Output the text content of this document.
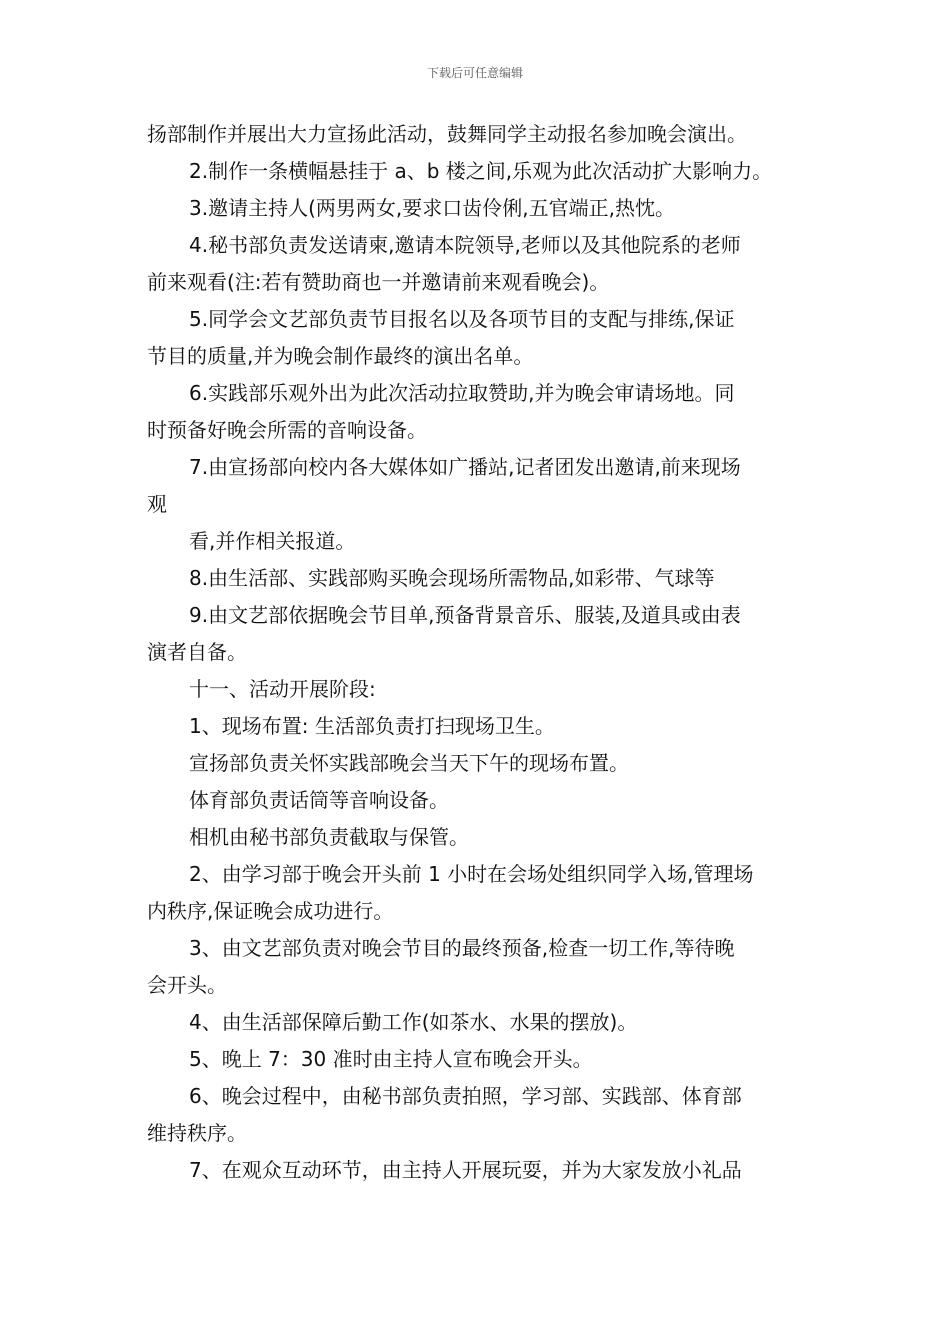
下载后可任意编辑
扬部制作并展出大力宣扬此活动，鼓舞同学主动报名参加晚会演出。
2.制作一条横幅悬挂于 a、b 楼之间,乐观为此次活动扩大影响力。
3.邀请主持人(两男两女,要求口齿伶俐,五官端正,热忱。
4.秘书部负责发送请柬,邀请本院领导,老师以及其他院系的老师
前来观看(注:若有赞助商也一并邀请前来观看晚会)。
5.同学会文艺部负责节目报名以及各项节目的支配与排练,保证
节目的质量,并为晚会制作最终的演出名单。
6.实践部乐观外出为此次活动拉取赞助,并为晚会审请场地。同
时预备好晚会所需的音响设备。
7.由宣扬部向校内各大媒体如广播站,记者团发出邀请,前来现场
观
看,并作相关报道。
8.由生活部、实践部购买晚会现场所需物品,如彩带、气球等
9.由文艺部依据晚会节目单,预备背景音乐、服装,及道具或由表
演者自备。
十一、活动开展阶段:
1、现场布置: 生活部负责打扫现场卫生。
宣扬部负责关怀实践部晚会当天下午的现场布置。
体育部负责话筒等音响设备。
相机由秘书部负责截取与保管。
2、由学习部于晚会开头前 1 小时在会场处组织同学入场,管理场
内秩序,保证晚会成功进行。
3、由文艺部负责对晚会节目的最终预备,检查一切工作,等待晚
会开头。
4、由生活部保障后勤工作(如茶水、水果的摆放)。
5、晚上 7：30 准时由主持人宣布晚会开头。
6、晚会过程中，由秘书部负责拍照，学习部、实践部、体育部
维持秩序。
7、在观众互动环节，由主持人开展玩耍，并为大家发放小礼品
